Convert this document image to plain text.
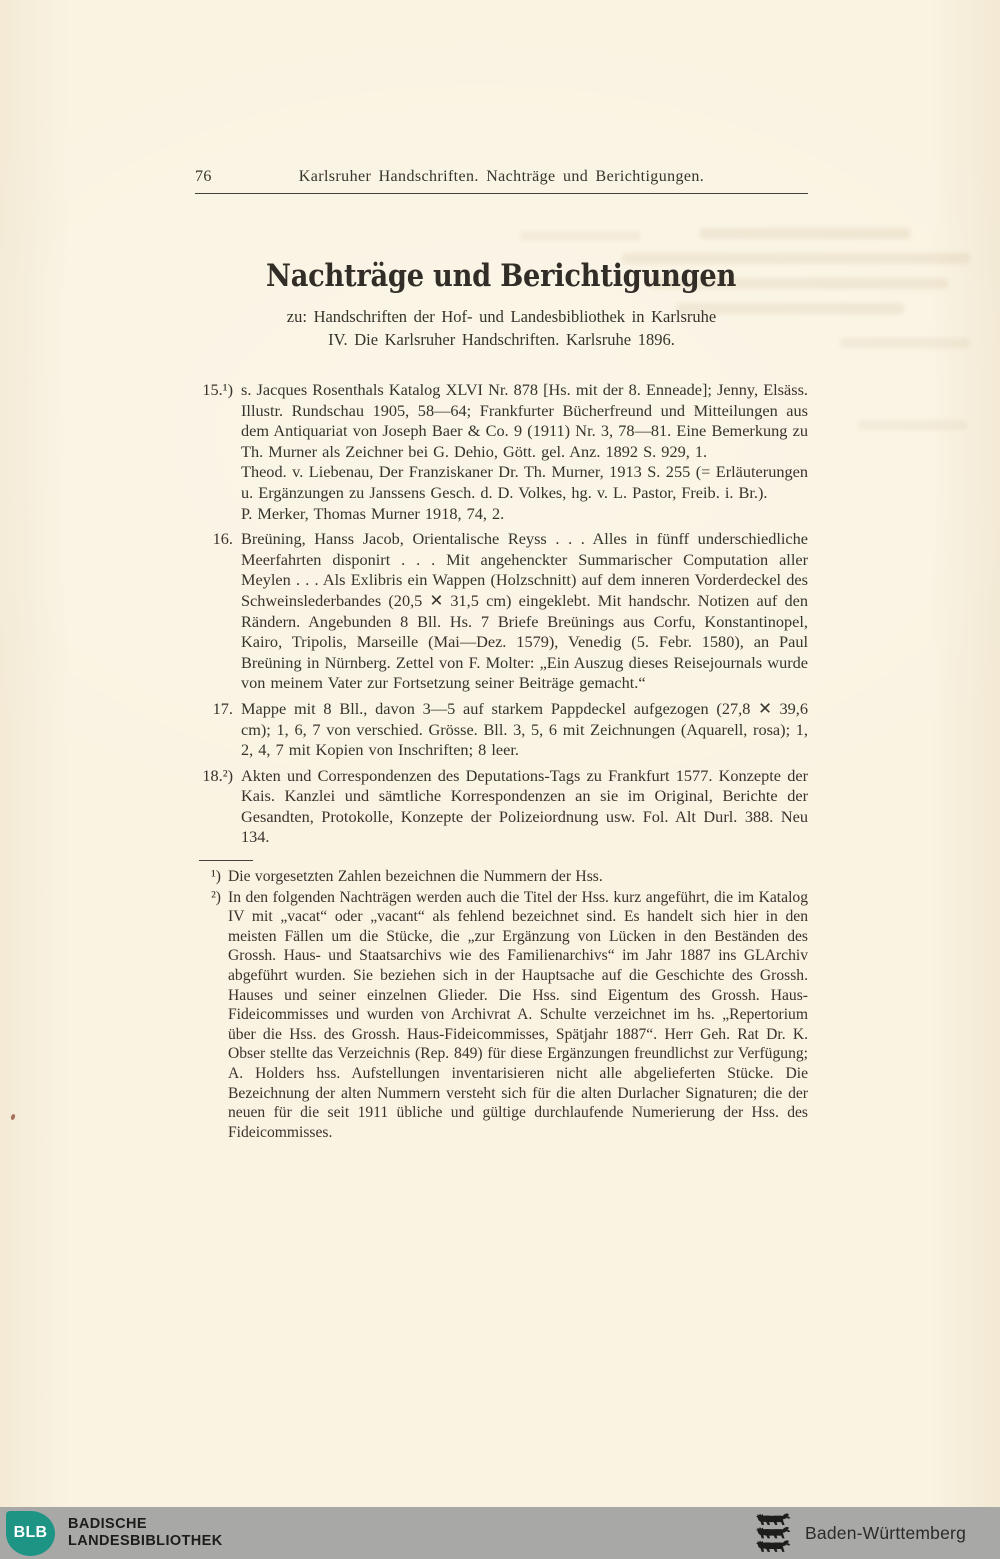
76	Karlsruher Handschriften. Nachträge und Berichtigungen.
Nachträge und Berichtigungen
zu: Handschriften der Hof- und Landesbibliothek in Karlsruhe
IV. Die Karlsruher Handschriften. Karlsruhe 1896.
15.¹) s. Jacques Rosenthals Katalog XLVI Nr. 878 [Hs. mit der 8. Enneade]; Jenny, Elsäss. Illustr. Rundschau 1905, 58—64; Frankfurter Bücherfreund und Mitteilungen aus dem Antiquariat von Joseph Baer & Co. 9 (1911) Nr. 3, 78—81. Eine Bemerkung zu Th. Murner als Zeichner bei G. Dehio, Gött. gel. Anz. 1892 S. 929, 1.

Theod. v. Liebenau, Der Franziskaner Dr. Th. Murner, 1913 S. 255 (= Erläuterungen u. Ergänzungen zu Janssens Gesch. d. D. Volkes, hg. v. L. Pastor, Freib. i. Br.).

P. Merker, Thomas Murner 1918, 74, 2.

16. Breüning, Hanss Jacob, Orientalische Reyss . . . Alles in fünff underschiedliche Meerfahrten disponirt . . . Mit angehenckter Summarischer Computation aller Meylen . . . Als Exlibris ein Wappen (Holzschnitt) auf dem inneren Vorderdeckel des Schweinslederbandes (20,5 ✕ 31,5 cm) eingeklebt. Mit handschr. Notizen auf den Rändern. Angebunden 8 Bll. Hs. 7 Briefe Breünings aus Corfu, Konstantinopel, Kairo, Tripolis, Marseille (Mai—Dez. 1579), Venedig (5. Febr. 1580), an Paul Breüning in Nürnberg. Zettel von F. Molter: „Ein Auszug dieses Reisejournals wurde von meinem Vater zur Fortsetzung seiner Beiträge gemacht.“

17. Mappe mit 8 Bll., davon 3—5 auf starkem Pappdeckel aufgezogen (27,8 ✕ 39,6 cm); 1, 6, 7 von verschied. Grösse. Bll. 3, 5, 6 mit Zeichnungen (Aquarell, rosa); 1, 2, 4, 7 mit Kopien von Inschriften; 8 leer.

18.²) Akten und Correspondenzen des Deputations-Tags zu Frankfurt 1577. Konzepte der Kais. Kanzlei und sämtliche Korrespondenzen an sie im Original, Berichte der Gesandten, Protokolle, Konzepte der Polizeiordnung usw. Fol. Alt Durl. 388. Neu 134.

¹) Die vorgesetzten Zahlen bezeichnen die Nummern der Hss.
²) In den folgenden Nachträgen werden auch die Titel der Hss. kurz angeführt, die im Katalog IV mit „vacat“ oder „vacant“ als fehlend bezeichnet sind. Es handelt sich hier in den meisten Fällen um die Stücke, die „zur Ergänzung von Lücken in den Beständen des Grossh. Haus- und Staatsarchivs wie des Familienarchivs“ im Jahr 1887 ins GLArchiv abgeführt wurden. Sie beziehen sich in der Hauptsache auf die Geschichte des Grossh. Hauses und seiner einzelnen Glieder. Die Hss. sind Eigentum des Grossh. Haus-Fideicommisses und wurden von Archivrat A. Schulte verzeichnet im hs. „Repertorium über die Hss. des Grossh. Haus-Fideicommisses, Spätjahr 1887“. Herr Geh. Rat Dr. K. Obser stellte das Verzeichnis (Rep. 849) für diese Ergänzungen freundlichst zur Verfügung; A. Holders hss. Aufstellungen inventarisieren nicht alle abgelieferten Stücke. Die Bezeichnung der alten Nummern versteht sich für die alten Durlacher Signaturen; die der neuen für die seit 1911 übliche und gültige durchlaufende Numerierung der Hss. des Fideicommisses.
BLB
BADISCHE
LANDESBIBLIOTHEK	Baden-Württemberg
